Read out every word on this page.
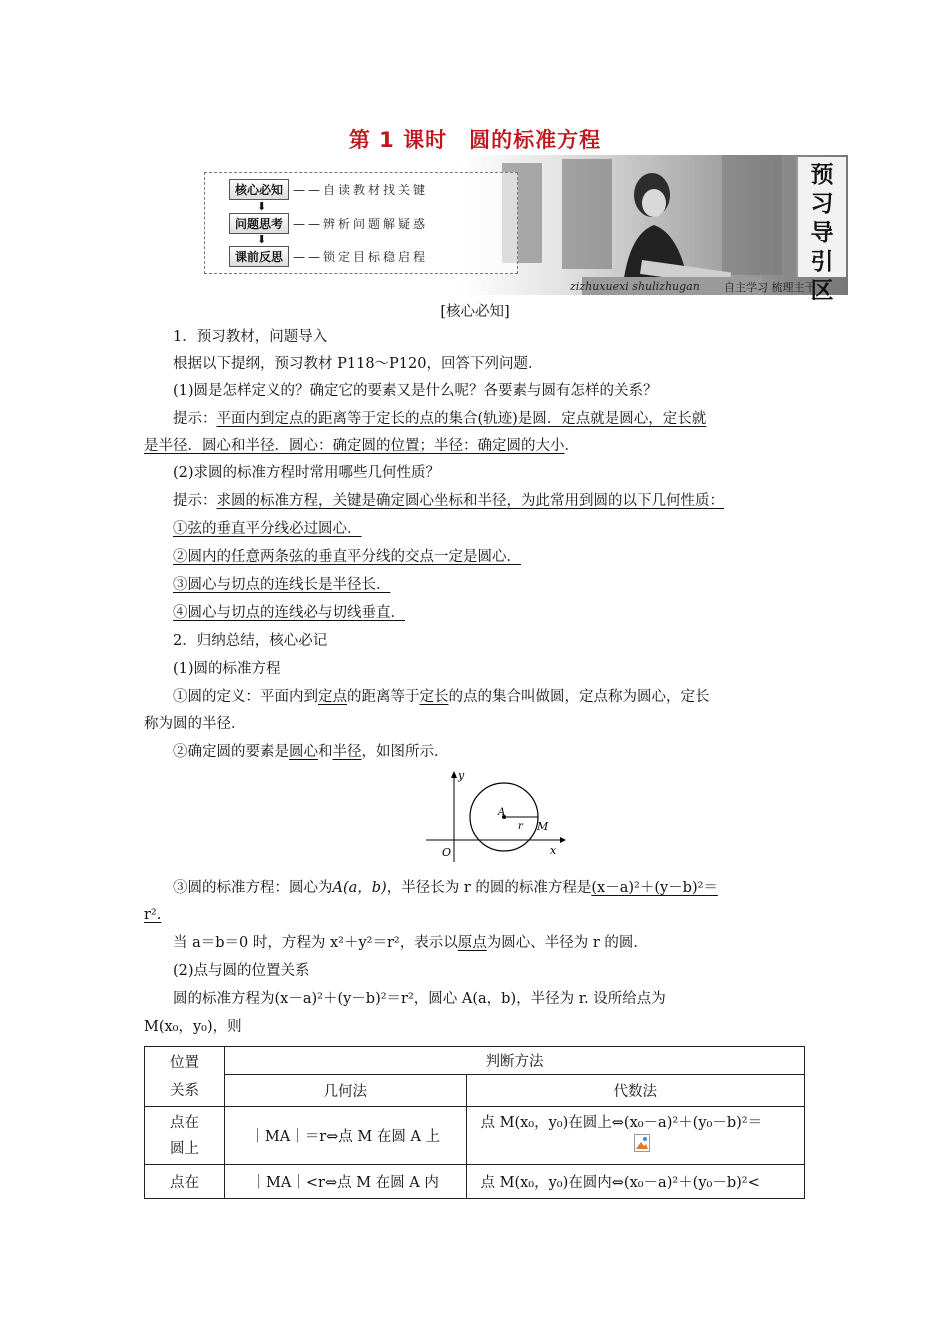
第 1 课时　圆的标准方程
核心必知 ——自读教材找关键
⬇
问题思考 ——辨析问题解疑惑
⬇
课前反思 ——锁定目标稳启程
预习导引区
zizhuxuexi shulizhugan 自主学习 梳理主干
[核心必知]
1．预习教材，问题导入
根据以下提纲，预习教材 P118～P120，回答下列问题．
(1)圆是怎样定义的？确定它的要素又是什么呢？各要素与圆有怎样的关系？
提示：平面内到定点的距离等于定长的点的集合(轨迹)是圆．定点就是圆心，定长就
是半径．圆心和半径．圆心：确定圆的位置；半径：确定圆的大小．
(2)求圆的标准方程时常用哪些几何性质？
提示：求圆的标准方程，关键是确定圆心坐标和半径，为此常用到圆的以下几何性质：
①弦的垂直平分线必过圆心．
②圆内的任意两条弦的垂直平分线的交点一定是圆心．
③圆心与切点的连线长是半径长．
④圆心与切点的连线必与切线垂直．
2．归纳总结，核心必记
(1)圆的标准方程
①圆的定义：平面内到定点的距离等于定长的点的集合叫做圆，定点称为圆心，定长
称为圆的半径．
②确定圆的要素是圆心和半径，如图所示．
y
x
O
A
r M
③圆的标准方程：圆心为A(a，b)，半径长为 r 的圆的标准方程是(x－a)²＋(y－b)²＝
r².
当 a＝b＝0 时，方程为 x²＋y²＝r²，表示以原点为圆心、半径为 r 的圆．
(2)点与圆的位置关系
圆的标准方程为(x－a)²＋(y－b)²＝r²，圆心 A(a，b)，半径为 r. 设所给点为
M(x₀，y₀)，则
位置关系	判断方法	
	几何法	代数法

点在圆上	｜MA｜＝r⇔点 M 在圆 A 上	点 M(x₀，y₀)在圆上⇔(x₀－a)²＋(y₀－b)²＝

点在	｜MA｜<r⇔点 M 在圆 A 内	点 M(x₀，y₀)在圆内⇔(x₀－a)²＋(y₀－b)²<
